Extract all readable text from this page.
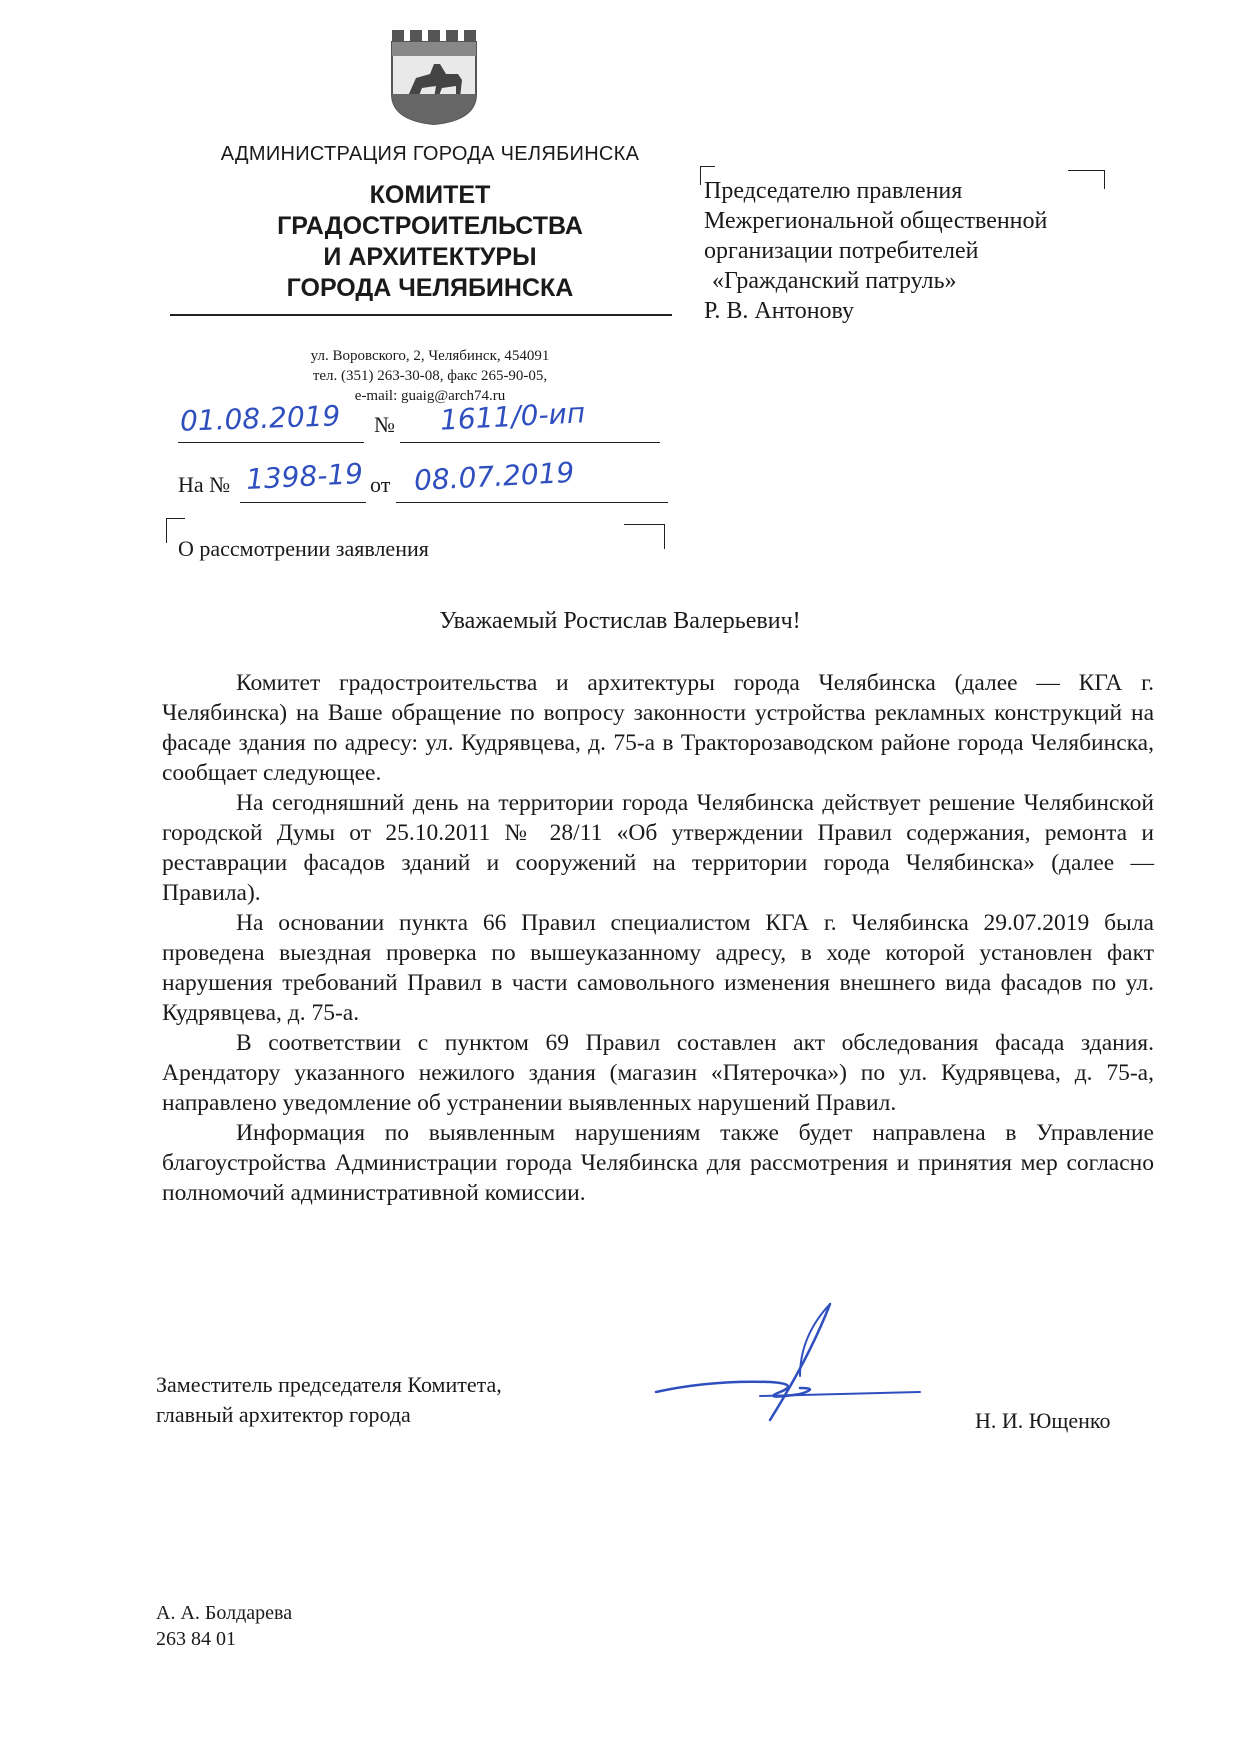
АДМИНИСТРАЦИЯ ГОРОДА ЧЕЛЯБИНСКА
КОМИТЕТ
ГРАДОСТРОИТЕЛЬСТВА
И АРХИТЕКТУРЫ
ГОРОДА ЧЕЛЯБИНСКА
ул. Воровского, 2, Челябинск, 454091
тел. (351) 263-30-08, факс 265-90-05,
e-mail: guaig@arch74.ru
Председателю правления
Межрегиональной общественной
организации потребителей
«Гражданский патруль»
Р. В. Антонову
01.08.2019 № 1611/0-ип
На № 1398-19 от 08.07.2019
О рассмотрении заявления
Уважаемый Ростислав Валерьевич!

Комитет градостроительства и архитектуры города Челябинска (далее — КГА г. Челябинска) на Ваше обращение по вопросу законности устройства рекламных конструкций на фасаде здания по адресу: ул. Кудрявцева, д. 75-а в Тракторозаводском районе города Челябинска, сообщает следующее.

На сегодняшний день на территории города Челябинска действует решение Челябинской городской Думы от 25.10.2011 № 28/11 «Об утверждении Правил содержания, ремонта и реставрации фасадов зданий и сооружений на территории города Челябинска» (далее — Правила).

На основании пункта 66 Правил специалистом КГА г. Челябинска 29.07.2019 была проведена выездная проверка по вышеуказанному адресу, в ходе которой установлен факт нарушения требований Правил в части самовольного изменения внешнего вида фасадов по ул. Кудрявцева, д. 75-а.

В соответствии с пунктом 69 Правил составлен акт обследования фасада здания. Арендатору указанного нежилого здания (магазин «Пятерочка») по ул. Кудрявцева, д. 75-а, направлено уведомление об устранении выявленных нарушений Правил.

Информация по выявленным нарушениям также будет направлена в Управление благоустройства Администрации города Челябинска для рассмотрения и принятия мер согласно полномочий административной комиссии.

Заместитель председателя Комитета,
главный архитектор города	Н. И. Ющенко
А. А. Болдарева
263 84 01
